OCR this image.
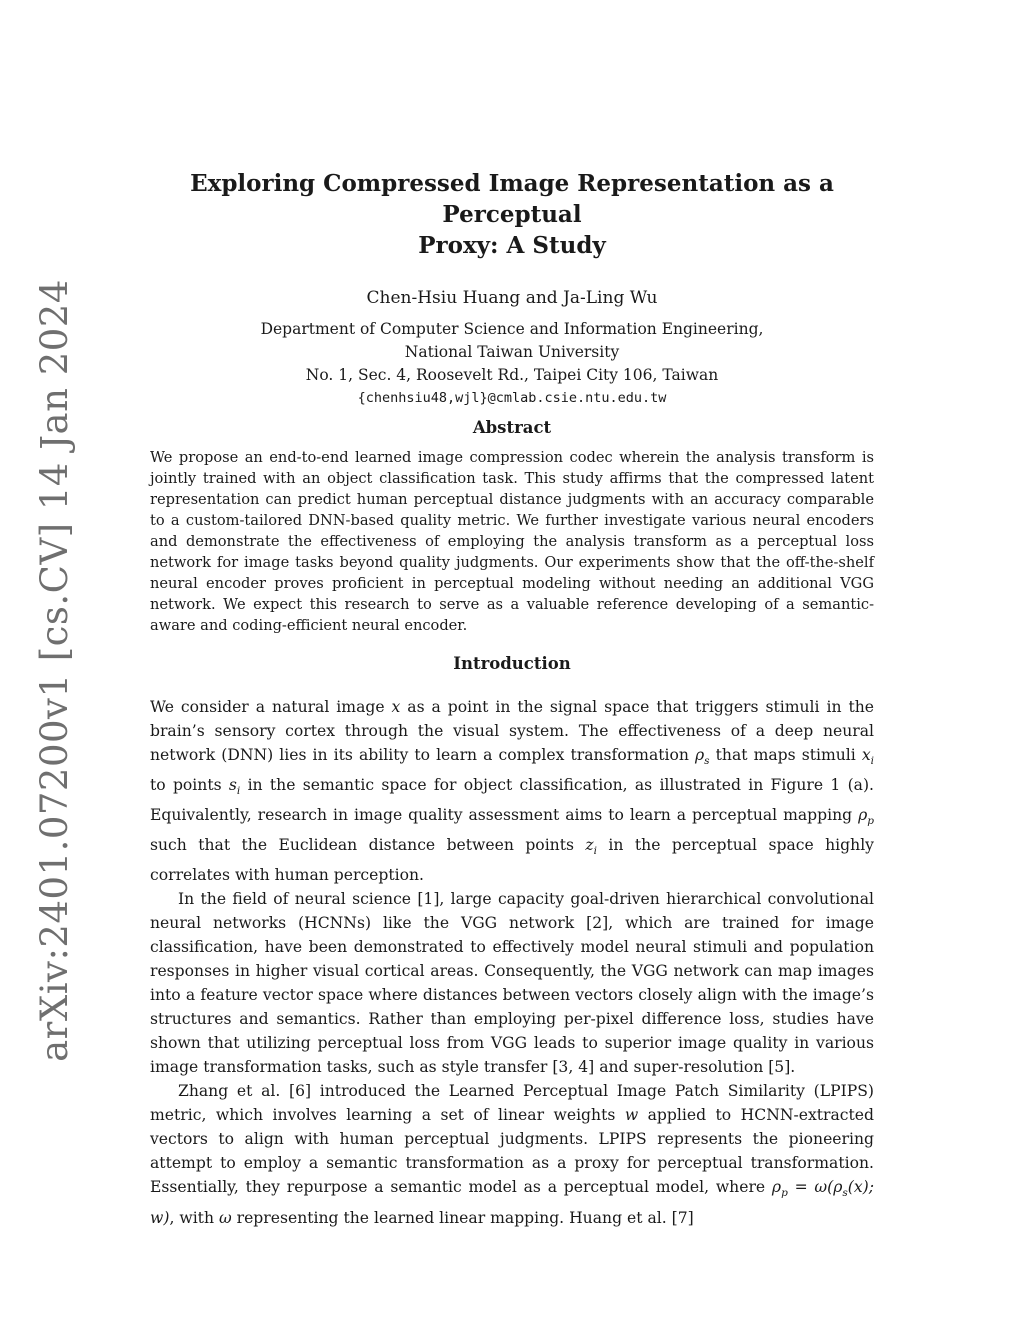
arXiv:2401.07200v1 [cs.CV] 14 Jan 2024
Exploring Compressed Image Representation as a Perceptual
Proxy: A Study
Chen-Hsiu Huang and Ja-Ling Wu
Department of Computer Science and Information Engineering,
National Taiwan University
No. 1, Sec. 4, Roosevelt Rd., Taipei City 106, Taiwan
{chenhsiu48,wjl}@cmlab.csie.ntu.edu.tw
Abstract

We propose an end-to-end learned image compression codec wherein the analysis transform is jointly trained with an object classification task. This study affirms that the compressed latent representation can predict human perceptual distance judgments with an accuracy comparable to a custom-tailored DNN-based quality metric. We further investigate various neural encoders and demonstrate the effectiveness of employing the analysis transform as a perceptual loss network for image tasks beyond quality judgments. Our experiments show that the off-the-shelf neural encoder proves proficient in perceptual modeling without needing an additional VGG network. We expect this research to serve as a valuable reference developing of a semantic-aware and coding-efficient neural encoder.

Introduction

We consider a natural image x as a point in the signal space that triggers stimuli in the brain’s sensory cortex through the visual system. The effectiveness of a deep neural network (DNN) lies in its ability to learn a complex transformation $\rho_s$ that maps stimuli $x_i$ to points $s_i$ in the semantic space for object classification, as illustrated in Figure 1 (a). Equivalently, research in image quality assessment aims to learn a perceptual mapping $\rho_p$ such that the Euclidean distance between points $z_i$ in the perceptual space highly correlates with human perception.

In the field of neural science [1], large capacity goal-driven hierarchical convolutional neural networks (HCNNs) like the VGG network [2], which are trained for image classification, have been demonstrated to effectively model neural stimuli and population responses in higher visual cortical areas. Consequently, the VGG network can map images into a feature vector space where distances between vectors closely align with the image’s structures and semantics. Rather than employing per-pixel difference loss, studies have shown that utilizing perceptual loss from VGG leads to superior image quality in various image transformation tasks, such as style transfer [3, 4] and super-resolution [5].

Zhang et al. [6] introduced the Learned Perceptual Image Patch Similarity (LPIPS) metric, which involves learning a set of linear weights w applied to HCNN-extracted vectors to align with human perceptual judgments. LPIPS represents the pioneering attempt to employ a semantic transformation as a proxy for perceptual transformation. Essentially, they repurpose a semantic model as a perceptual model, where $\rho_p = \omega(\rho_s(x)$; w), with ω representing the learned linear mapping. Huang et al. [7]
